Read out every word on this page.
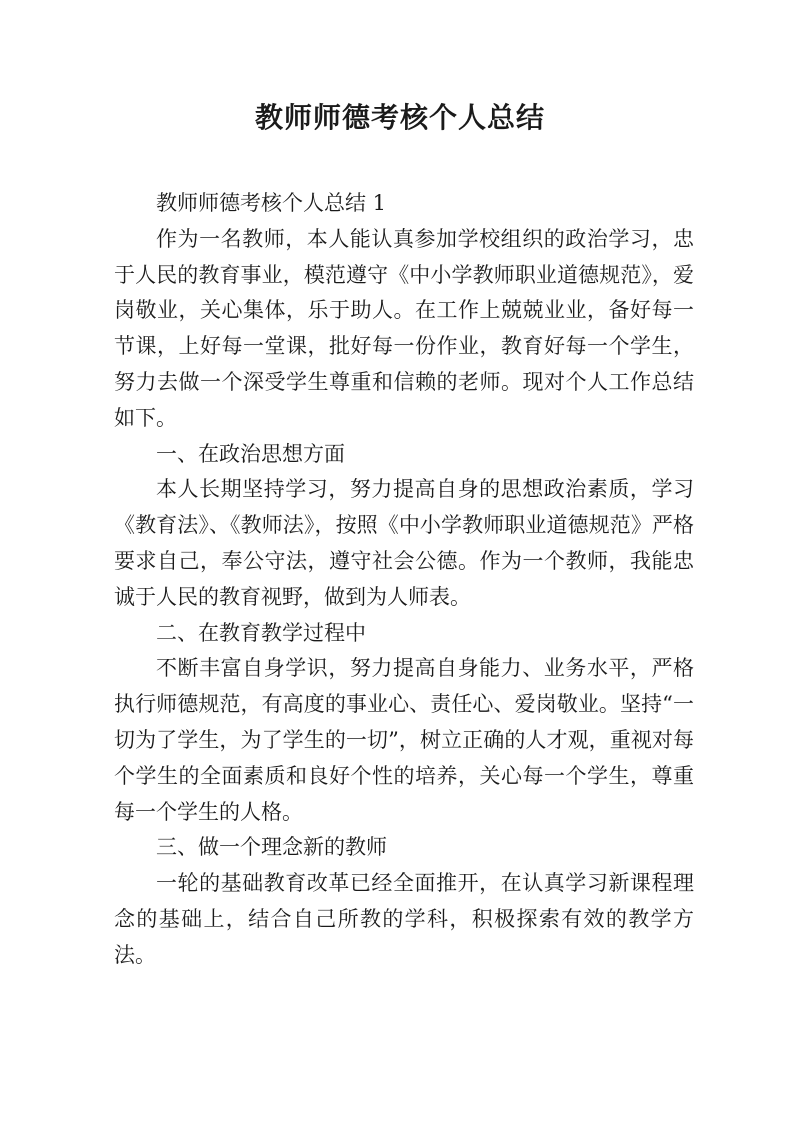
教师师德考核个人总结

教师师德考核个人总结 1

作为一名教师，本人能认真参加学校组织的政治学习，忠于人民的教育事业，模范遵守《中小学教师职业道德规范》，爱岗敬业，关心集体，乐于助人。在工作上兢兢业业，备好每一节课，上好每一堂课，批好每一份作业，教育好每一个学生，努力去做一个深受学生尊重和信赖的老师。现对个人工作总结如下。

一、在政治思想方面

本人长期坚持学习，努力提高自身的思想政治素质，学习《教育法》、《教师法》，按照《中小学教师职业道德规范》严格要求自己，奉公守法，遵守社会公德。作为一个教师，我能忠诚于人民的教育视野，做到为人师表。

二、在教育教学过程中

不断丰富自身学识，努力提高自身能力、业务水平，严格执行师德规范，有高度的事业心、责任心、爱岗敬业。坚持“一切为了学生，为了学生的一切”，树立正确的人才观，重视对每个学生的全面素质和良好个性的培养，关心每一个学生，尊重每一个学生的人格。

三、做一个理念新的教师

一轮的基础教育改革已经全面推开，在认真学习新课程理念的基础上，结合自己所教的学科，积极探索有效的教学方法。
